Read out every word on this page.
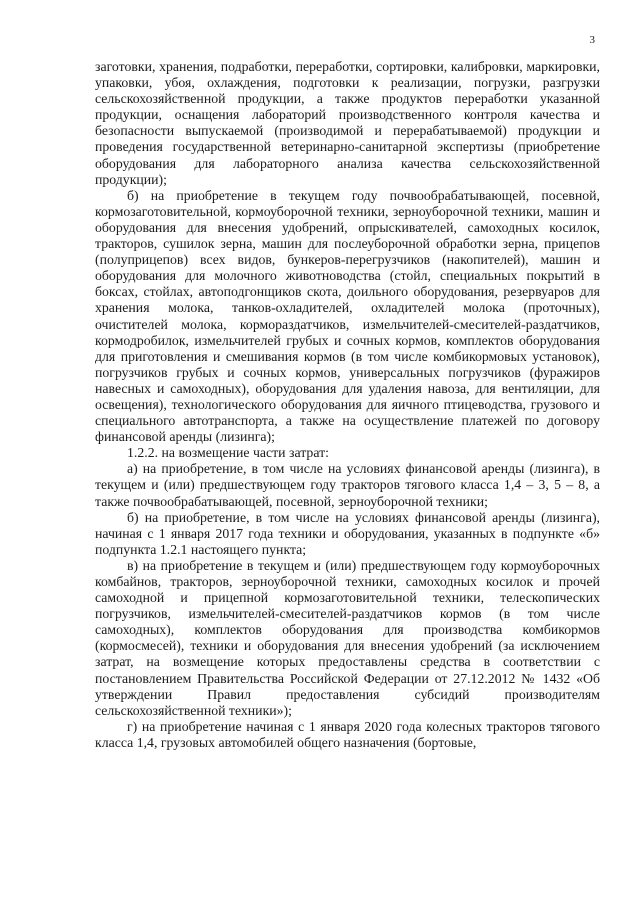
3

заготовки, хранения, подработки, переработки, сортировки, калибровки, маркировки, упаковки, убоя, охлаждения, подготовки к реализации, погрузки, разгрузки сельскохозяйственной продукции, а также продуктов переработки указанной продукции, оснащения лабораторий производственного контроля качества и безопасности выпускаемой (производимой и перерабатываемой) продукции и проведения государственной ветеринарно-санитарной экспертизы (приобретение оборудования для лабораторного анализа качества сельскохозяйственной продукции);

б) на приобретение в текущем году почвообрабатывающей, посевной, кормозаготовительной, кормоуборочной техники, зерноуборочной техники, машин и оборудования для внесения удобрений, опрыскивателей, самоходных косилок, тракторов, сушилок зерна, машин для послеуборочной обработки зерна, прицепов (полуприцепов) всех видов, бункеров-перегрузчиков (накопителей), машин и оборудования для молочного животноводства (стойл, специальных покрытий в боксах, стойлах, автоподгонщиков скота, доильного оборудования, резервуаров для хранения молока, танков-охладителей, охладителей молока (проточных), очистителей молока, кормораздатчиков, измельчителей-смесителей-раздатчиков, кормодробилок, измельчителей грубых и сочных кормов, комплектов оборудования для приготовления и смешивания кормов (в том числе комбикормовых установок), погрузчиков грубых и сочных кормов, универсальных погрузчиков (фуражиров навесных и самоходных), оборудования для удаления навоза, для вентиляции, для освещения), технологического оборудования для яичного птицеводства, грузового и специального автотранспорта, а также на осуществление платежей по договору финансовой аренды (лизинга);

1.2.2. на возмещение части затрат:

а) на приобретение, в том числе на условиях финансовой аренды (лизинга), в текущем и (или) предшествующем году тракторов тягового класса 1,4 – 3, 5 – 8, а также почвообрабатывающей, посевной, зерноуборочной техники;

б) на приобретение, в том числе на условиях финансовой аренды (лизинга), начиная с 1 января 2017 года техники и оборудования, указанных в подпункте «б» подпункта 1.2.1 настоящего пункта;

в) на приобретение в текущем и (или) предшествующем году кормоуборочных комбайнов, тракторов, зерноуборочной техники, самоходных косилок и прочей самоходной и прицепной кормозаготовительной техники, телескопических погрузчиков, измельчителей-смесителей-раздатчиков кормов (в том числе самоходных), комплектов оборудования для производства комбикормов (кормосмесей), техники и оборудования для внесения удобрений (за исключением затрат, на возмещение которых предоставлены средства в соответствии с постановлением Правительства Российской Федерации от 27.12.2012 № 1432 «Об утверждении Правил предоставления субсидий производителям сельскохозяйственной техники»);

г) на приобретение начиная с 1 января 2020 года колесных тракторов тягового класса 1,4, грузовых автомобилей общего назначения (бортовые,
